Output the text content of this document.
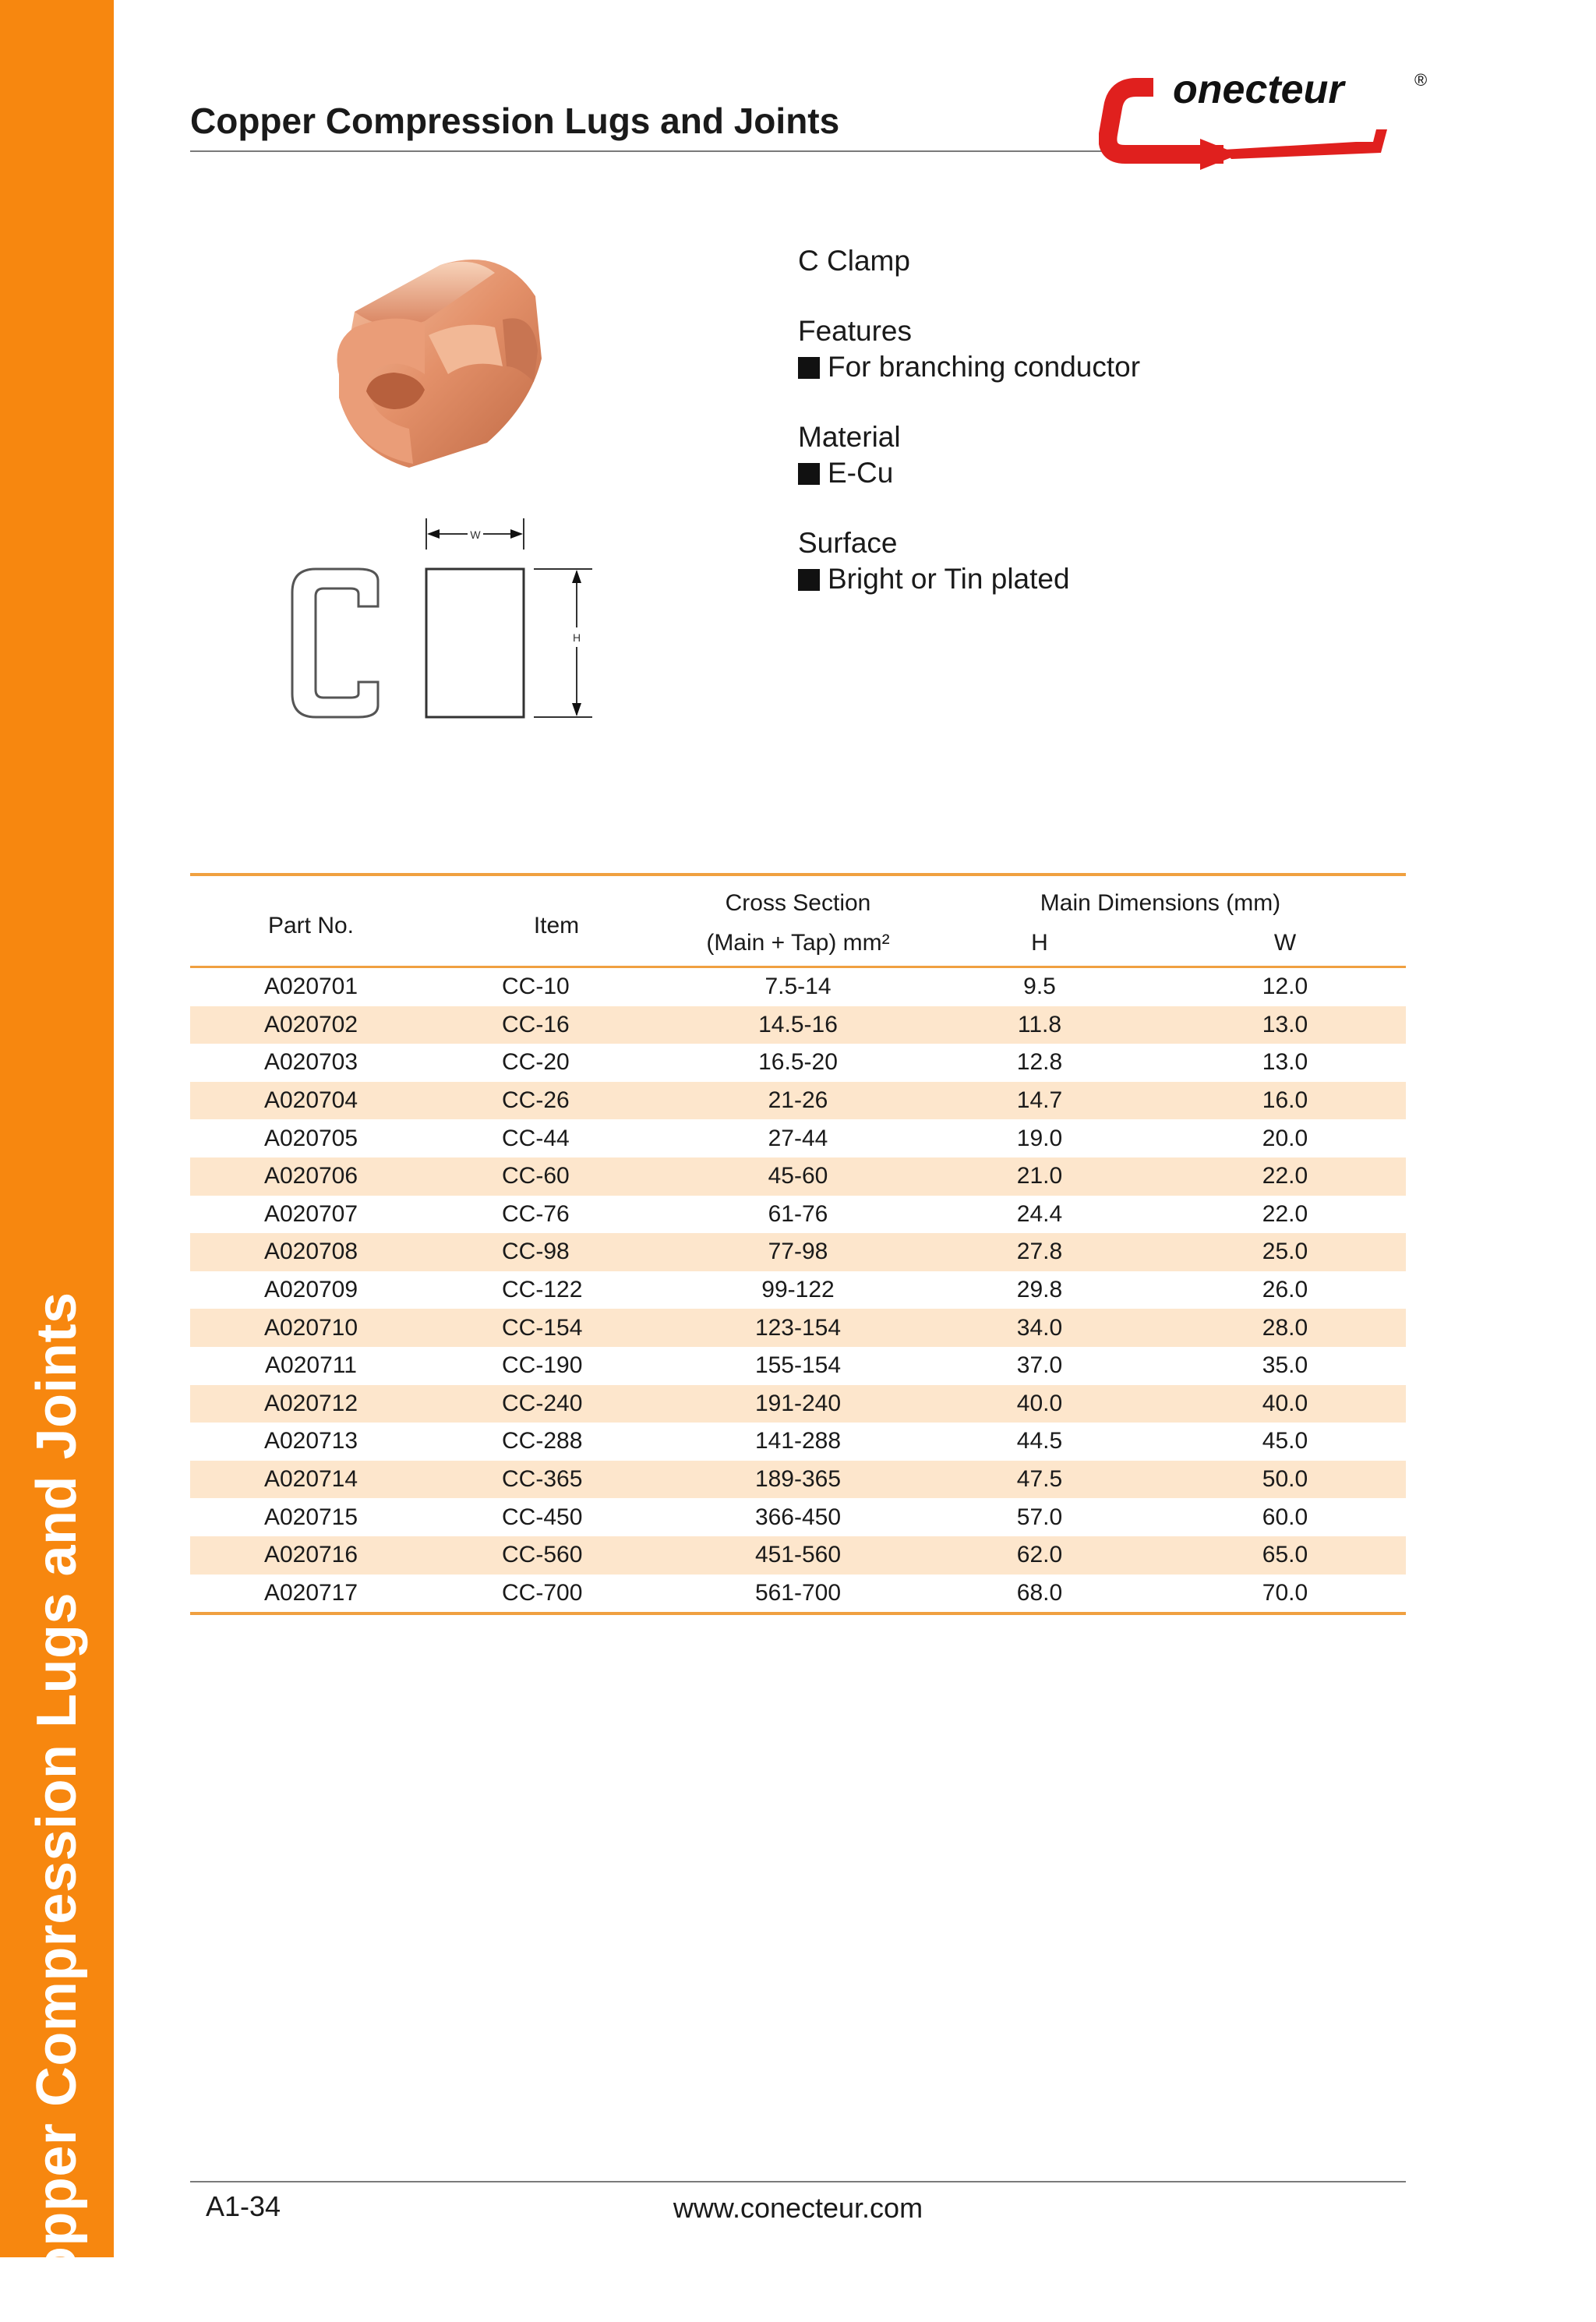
Copper Compression Lugs and Joints
Copper Compression Lugs and Joints
onecteur	®
W
H
C Clamp
Features
For branching conductor
Material
E-Cu
Surface
Bright or Tin plated
Part No.	Item	Cross Section	Main Dimensions (mm)	
		(Main + Tap) mm²	H	W
A020701	CC-10	7.5-14	9.5	12.0
A020702	CC-16	14.5-16	11.8	13.0
A020703	CC-20	16.5-20	12.8	13.0
A020704	CC-26	21-26	14.7	16.0
A020705	CC-44	27-44	19.0	20.0
A020706	CC-60	45-60	21.0	22.0
A020707	CC-76	61-76	24.4	22.0
A020708	CC-98	77-98	27.8	25.0
A020709	CC-122	99-122	29.8	26.0
A020710	CC-154	123-154	34.0	28.0
A020711	CC-190	155-154	37.0	35.0
A020712	CC-240	191-240	40.0	40.0
A020713	CC-288	141-288	44.5	45.0
A020714	CC-365	189-365	47.5	50.0
A020715	CC-450	366-450	57.0	60.0
A020716	CC-560	451-560	62.0	65.0
A020717	CC-700	561-700	68.0	70.0
A1-34	www.conecteur.com
